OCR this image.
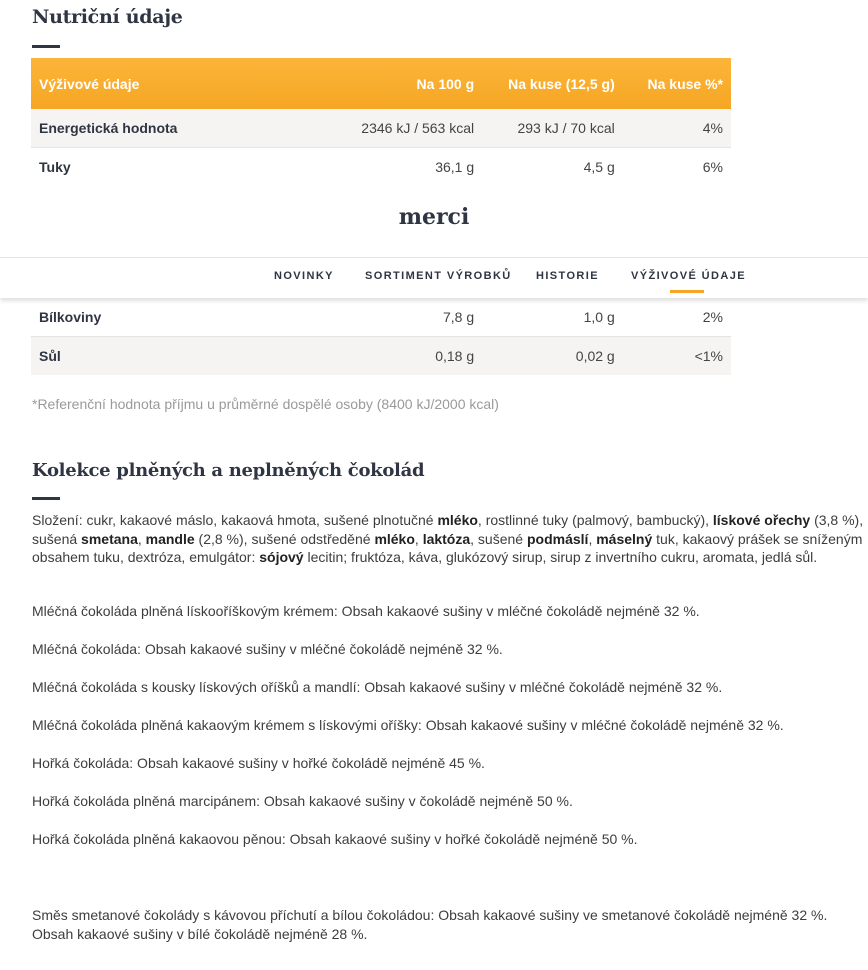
Nutriční údaje
Výživové údaje	Na 100 g	Na kuse (12,5 g)	Na kuse %*
Energetická hodnota	2346 kJ / 563 kcal	293 kJ / 70 kcal	4%
Tuky	36,1 g	4,5 g	6%
Bílkoviny	7,8 g	1,0 g	2%
Sůl	0,18 g	0,02 g	<1%

merci

NOVINKY	SORTIMENT VÝROBKŮ HISTORIE	VÝŽIVOVÉ ÚDAJE

*Referenční hodnota příjmu u průměrné dospělé osoby (8400 kJ/2000 kcal)

Kolekce plněných a neplněných čokolád

Složení: cukr, kakaové máslo, kakaová hmota, sušené plnotučné mléko, rostlinné tuky (palmový, bambucký), lískové ořechy (3,8 %), sušená smetana, mandle (2,8 %), sušené odstředěné mléko, laktóza, sušené podmáslí, máselný tuk, kakaový prášek se sníženým obsahem tuku, dextróza, emulgátor: sójový lecitin; fruktóza, káva, glukózový sirup, sirup z invertního cukru, aromata, jedlá sůl.

Mléčná čokoláda plněná lískooříškovým krémem: Obsah kakaové sušiny v mléčné čokoládě nejméně 32 %.

Mléčná čokoláda: Obsah kakaové sušiny v mléčné čokoládě nejméně 32 %.

Mléčná čokoláda s kousky lískových oříšků a mandlí: Obsah kakaové sušiny v mléčné čokoládě nejméně 32 %.

Mléčná čokoláda plněná kakaovým krémem s lískovými oříšky: Obsah kakaové sušiny v mléčné čokoládě nejméně 32 %.

Hořká čokoláda: Obsah kakaové sušiny v hořké čokoládě nejméně 45 %.

Hořká čokoláda plněná marcipánem: Obsah kakaové sušiny v čokoládě nejméně 50 %.

Hořká čokoláda plněná kakaovou pěnou: Obsah kakaové sušiny v hořké čokoládě nejméně 50 %.

Směs smetanové čokolády s kávovou příchutí a bílou čokoládou: Obsah kakaové sušiny ve smetanové čokoládě nejméně 32 %. Obsah kakaové sušiny v bílé čokoládě nejméně 28 %.
